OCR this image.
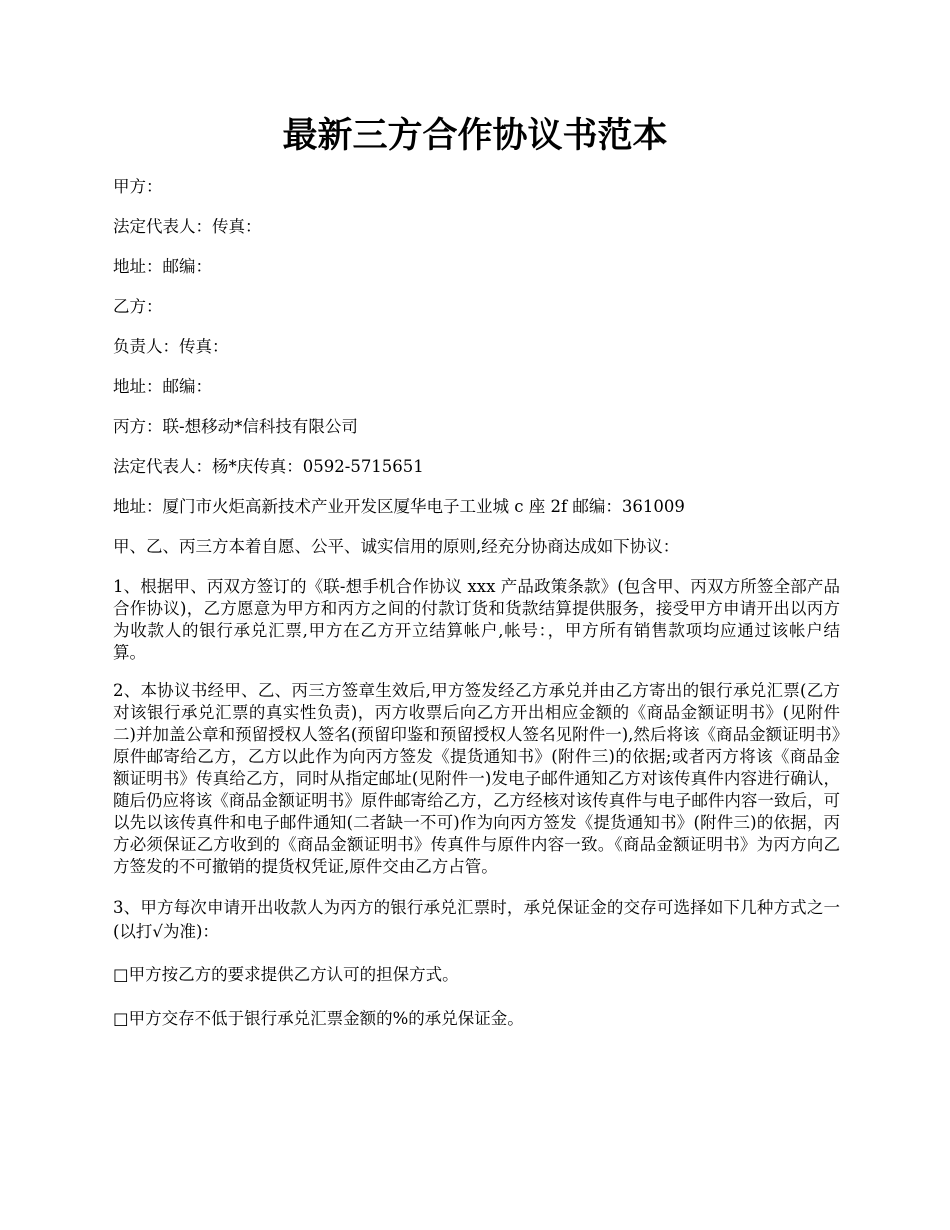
最新三方合作协议书范本

甲方：

法定代表人：传真：

地址：邮编：

乙方：

负责人：传真：

地址：邮编：

丙方：联-想移动*信科技有限公司

法定代表人：杨*庆传真：0592-5715651

地址：厦门市火炬高新技术产业开发区厦华电子工业城 c 座 2f 邮编：361009

甲、乙、丙三方本着自愿、公平、诚实信用的原则,经充分协商达成如下协议：

1、根据甲、丙双方签订的《联-想手机合作协议 xxx 产品政策条款》(包含甲、丙双方所签全部产品合作协议)，乙方愿意为甲方和丙方之间的付款订货和货款结算提供服务，接受甲方申请开出以丙方为收款人的银行承兑汇票,甲方在乙方开立结算帐户,帐号：，甲方所有销售款项均应通过该帐户结算。

2、本协议书经甲、乙、丙三方签章生效后,甲方签发经乙方承兑并由乙方寄出的银行承兑汇票(乙方对该银行承兑汇票的真实性负责)，丙方收票后向乙方开出相应金额的《商品金额证明书》(见附件二)并加盖公章和预留授权人签名(预留印鉴和预留授权人签名见附件一),然后将该《商品金额证明书》原件邮寄给乙方，乙方以此作为向丙方签发《提货通知书》(附件三)的依据;或者丙方将该《商品金额证明书》传真给乙方，同时从指定邮址(见附件一)发电子邮件通知乙方对该传真件内容进行确认，随后仍应将该《商品金额证明书》原件邮寄给乙方，乙方经核对该传真件与电子邮件内容一致后，可以先以该传真件和电子邮件通知(二者缺一不可)作为向丙方签发《提货通知书》(附件三)的依据，丙方必须保证乙方收到的《商品金额证明书》传真件与原件内容一致。《商品金额证明书》为丙方向乙方签发的不可撤销的提货权凭证,原件交由乙方占管。

3、甲方每次申请开出收款人为丙方的银行承兑汇票时，承兑保证金的交存可选择如下几种方式之一(以打√为准)：

□甲方按乙方的要求提供乙方认可的担保方式。

□甲方交存不低于银行承兑汇票金额的%的承兑保证金。
